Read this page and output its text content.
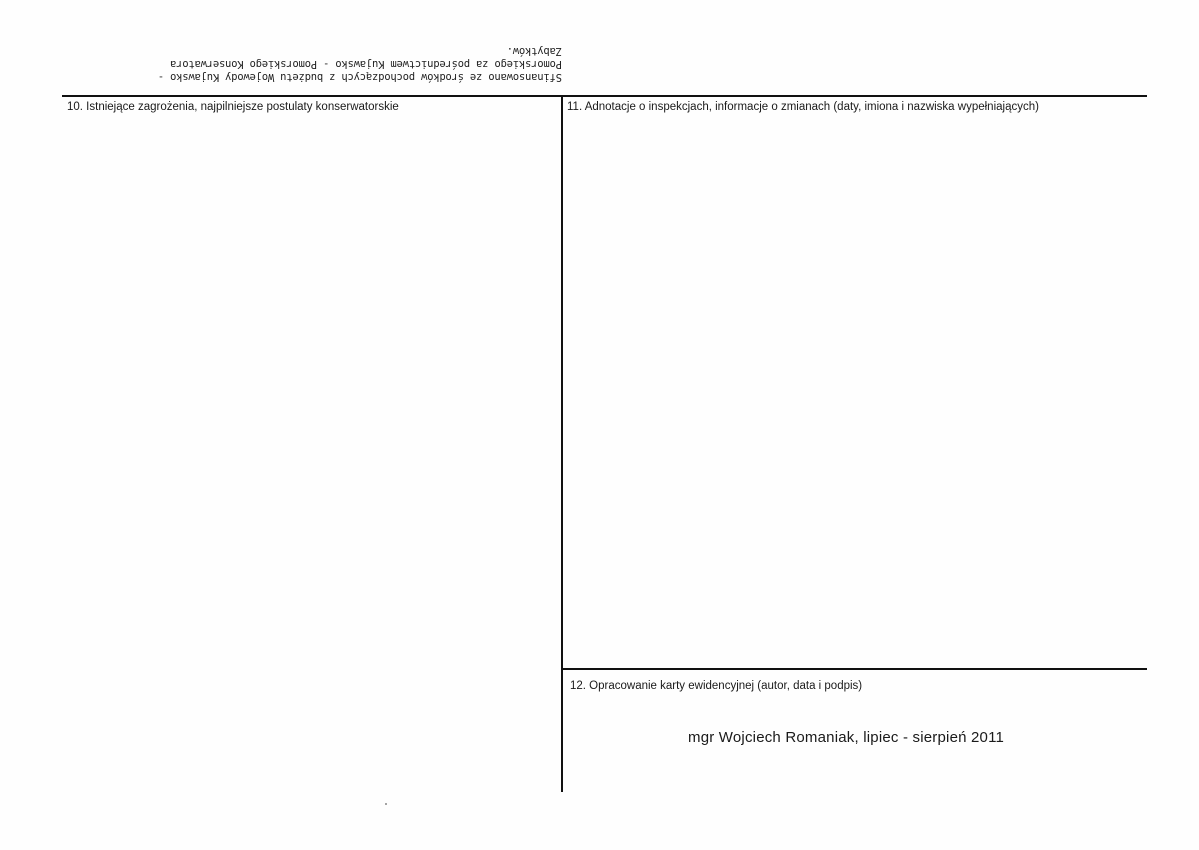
Sfinansowano ze środków pochodzących z budżetu Wojewody Kujawsko -
Pomorskiego za pośrednictwem Kujawsko - Pomorskiego Konserwatora
Zabytków.
10. Istniejące zagrożenia, najpilniejsze postulaty konserwatorskie	11. Adnotacje o inspekcjach, informacje o zmianach (daty, imiona i nazwiska wypełniających)
12. Opracowanie karty ewidencyjnej (autor, data i podpis)
mgr Wojciech Romaniak, lipiec - sierpień 2011
